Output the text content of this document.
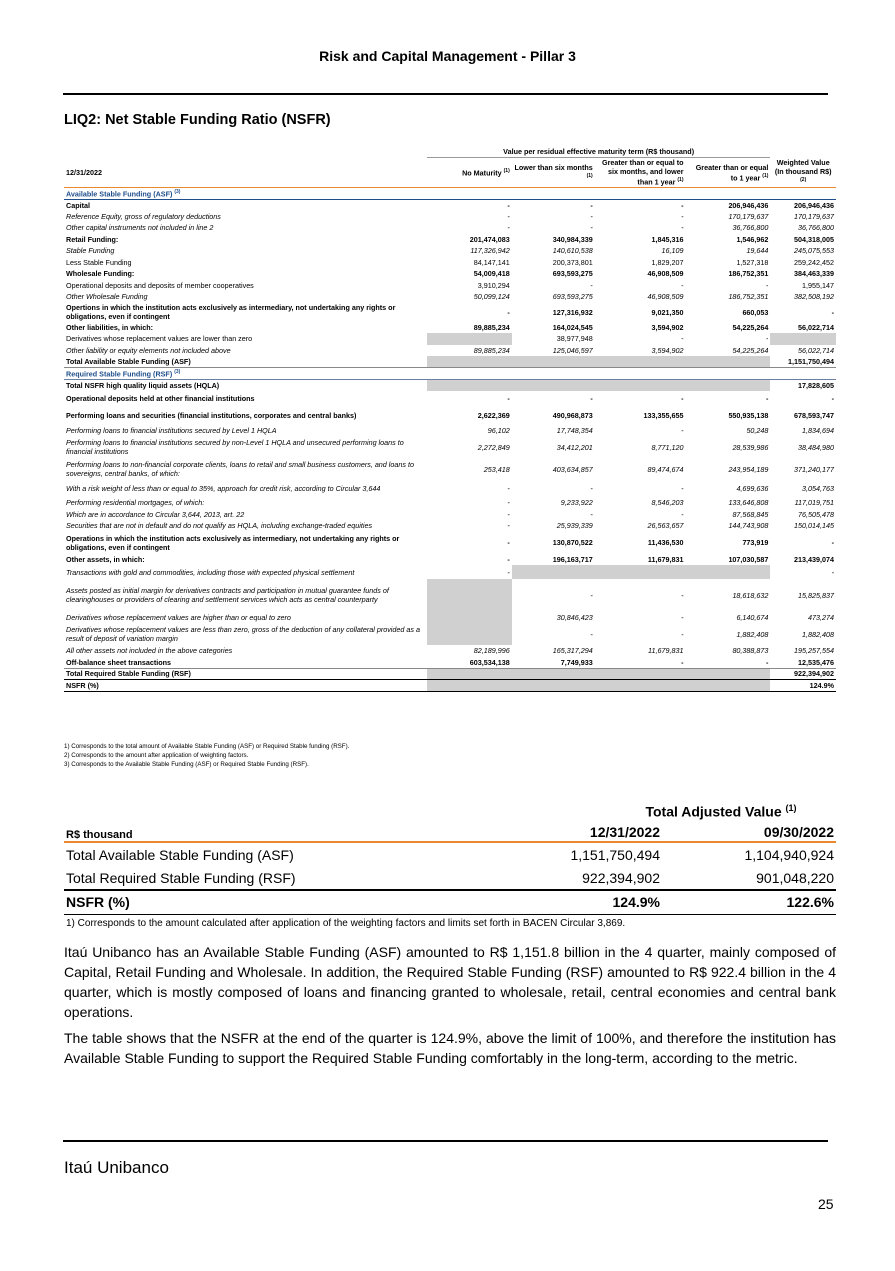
Risk and Capital Management - Pillar 3
LIQ2: Net Stable Funding Ratio (NSFR)
	Value per residual effective maturity term (R$ thousand)				
12/31/2022	No Maturity $^{(1)}$	Lower than six months $^{(1)}$	Greater than or equal to six months, and lower than 1 year $^{(1)}$	Greater than or equal to 1 year $^{(1)}$	Weighted Value (In thousand R$) $^{(2)}$
Available Stable Funding (ASF) $^{(3)}$
Capital	-	-	-	206,946,436	206,946,436
Reference Equity, gross of regulatory deductions	-	-	-	170,179,637	170,179,637
Other capital instruments not included in line 2	-	-	-	36,766,800	36,766,800
Retail Funding:	201,474,083	340,984,339	1,845,316	1,546,962	504,318,005
Stable Funding	117,326,942	140,610,538	16,109	19,644	245,075,553
Less Stable Funding	84,147,141	200,373,801	1,829,207	1,527,318	259,242,452
Wholesale Funding:	54,009,418	693,593,275	46,908,509	186,752,351	384,463,339
Operational deposits and deposits of member cooperatives	3,910,294	-	-	-	1,955,147
Other Wholesale Funding	50,099,124	693,593,275	46,908,509	186,752,351	382,508,192
Opertions in which the institution acts exclusively as intermediary, not undertaking any rights or obligations, even if contingent	-	127,316,932	9,021,350	660,053	-
Other liabilities, in which:	89,885,234	164,024,545	3,594,902	54,225,264	56,022,714
Derivatives whose replacement values are lower than zero		38,977,948	-	-	
Other liability or equity elements not included above	89,885,234	125,046,597	3,594,902	54,225,264	56,022,714
Total Available Stable Funding (ASF)					1,151,750,494
Required Stable Funding (RSF) $^{(3)}$
Total NSFR high quality liquid assets (HQLA)					17,828,605
Operational deposits held at other financial institutions	-	-	-	-	-
Performing loans and securities (financial institutions, corporates and central banks)	2,622,369	490,968,873	133,355,655	550,935,138	678,593,747
Performing loans to financial institutions secured by Level 1 HQLA	96,102	17,748,354	-	50,248	1,834,694
Performing loans to financial institutions secured by non-Level 1 HQLA and unsecured performing loans to financial institutions	2,272,849	34,412,201	8,771,120	28,539,986	38,484,980
Performing loans to non-financial corporate clients, loans to retail and small business customers, and loans to sovereigns, central banks, of which:	253,418	403,634,857	89,474,674	243,954,189	371,240,177
With a risk weight of less than or equal to 35%, approach for credit risk, according to Circular 3,644	-	-	-	4,699,636	3,054,763
Performing residential mortgages, of which:	-	9,233,922	8,546,203	133,646,808	117,019,751
Which are in accordance to Circular 3,644, 2013, art. 22	-	-	-	87,568,845	76,505,478
Securities that are not in default and do not qualify as HQLA, including exchange-traded equities	-	25,939,339	26,563,657	144,743,908	150,014,145
Operations in which the institution acts exclusively as intermediary, not undertaking any rights or obligations, even if contingent	-	130,870,522	11,436,530	773,919	-
Other assets, in which:	-	196,163,717	11,679,831	107,030,587	213,439,074
Transactions with gold and commodities, including those with expected physical settlement	-				-
Assets posted as initial margin for derivatives contracts and participation in mutual guarantee funds of clearinghouses or providers of clearing and settlement services which acts as central counterparty		-	-	18,618,632	15,825,837
Derivatives whose replacement values are higher than or equal to zero		30,846,423	-	6,140,674	473,274
Derivatives whose replacement values are less than zero, gross of the deduction of any collateral provided as a result of deposit of variation margin		-	-	1,882,408	1,882,408
All other assets not included in the above categories	82,189,996	165,317,294	11,679,831	80,388,873	195,257,554
Off-balance sheet transactions	603,534,138	7,749,933	-	-	12,535,476
Total Required Stable Funding (RSF)					922,394,902
NSFR (%)					124.9%
1) Corresponds to the total amount of Available Stable Funding (ASF) or Required Stable funding (RSF).
2) Corresponds to the amount after application of weighting factors.
3) Corresponds to the Available Stable Funding (ASF) or Required Stable Funding (RSF).
	Total Adjusted Value $^{(1)}$
R$ thousand	12/31/2022	09/30/2022
Total Available Stable Funding (ASF)	1,151,750,494	1,104,940,924
Total Required Stable Funding (RSF)	922,394,902	901,048,220
NSFR (%)	124.9%	122.6%
1) Corresponds to the amount calculated after application of the weighting factors and limits set forth in BACEN Circular 3,869.

Itaú Unibanco has an Available Stable Funding (ASF) amounted to R$ 1,151.8 billion in the 4 quarter, mainly composed of Capital, Retail Funding and Wholesale. In addition, the Required Stable Funding (RSF) amounted to R$ 922.4 billion in the 4 quarter, which is mostly composed of loans and financing granted to wholesale, retail, central economies and central bank operations.

The table shows that the NSFR at the end of the quarter is 124.9%, above the limit of 100%, and therefore the institution has Available Stable Funding to support the Required Stable Funding comfortably in the long-term, according to the metric.

Itaú Unibanco
25
